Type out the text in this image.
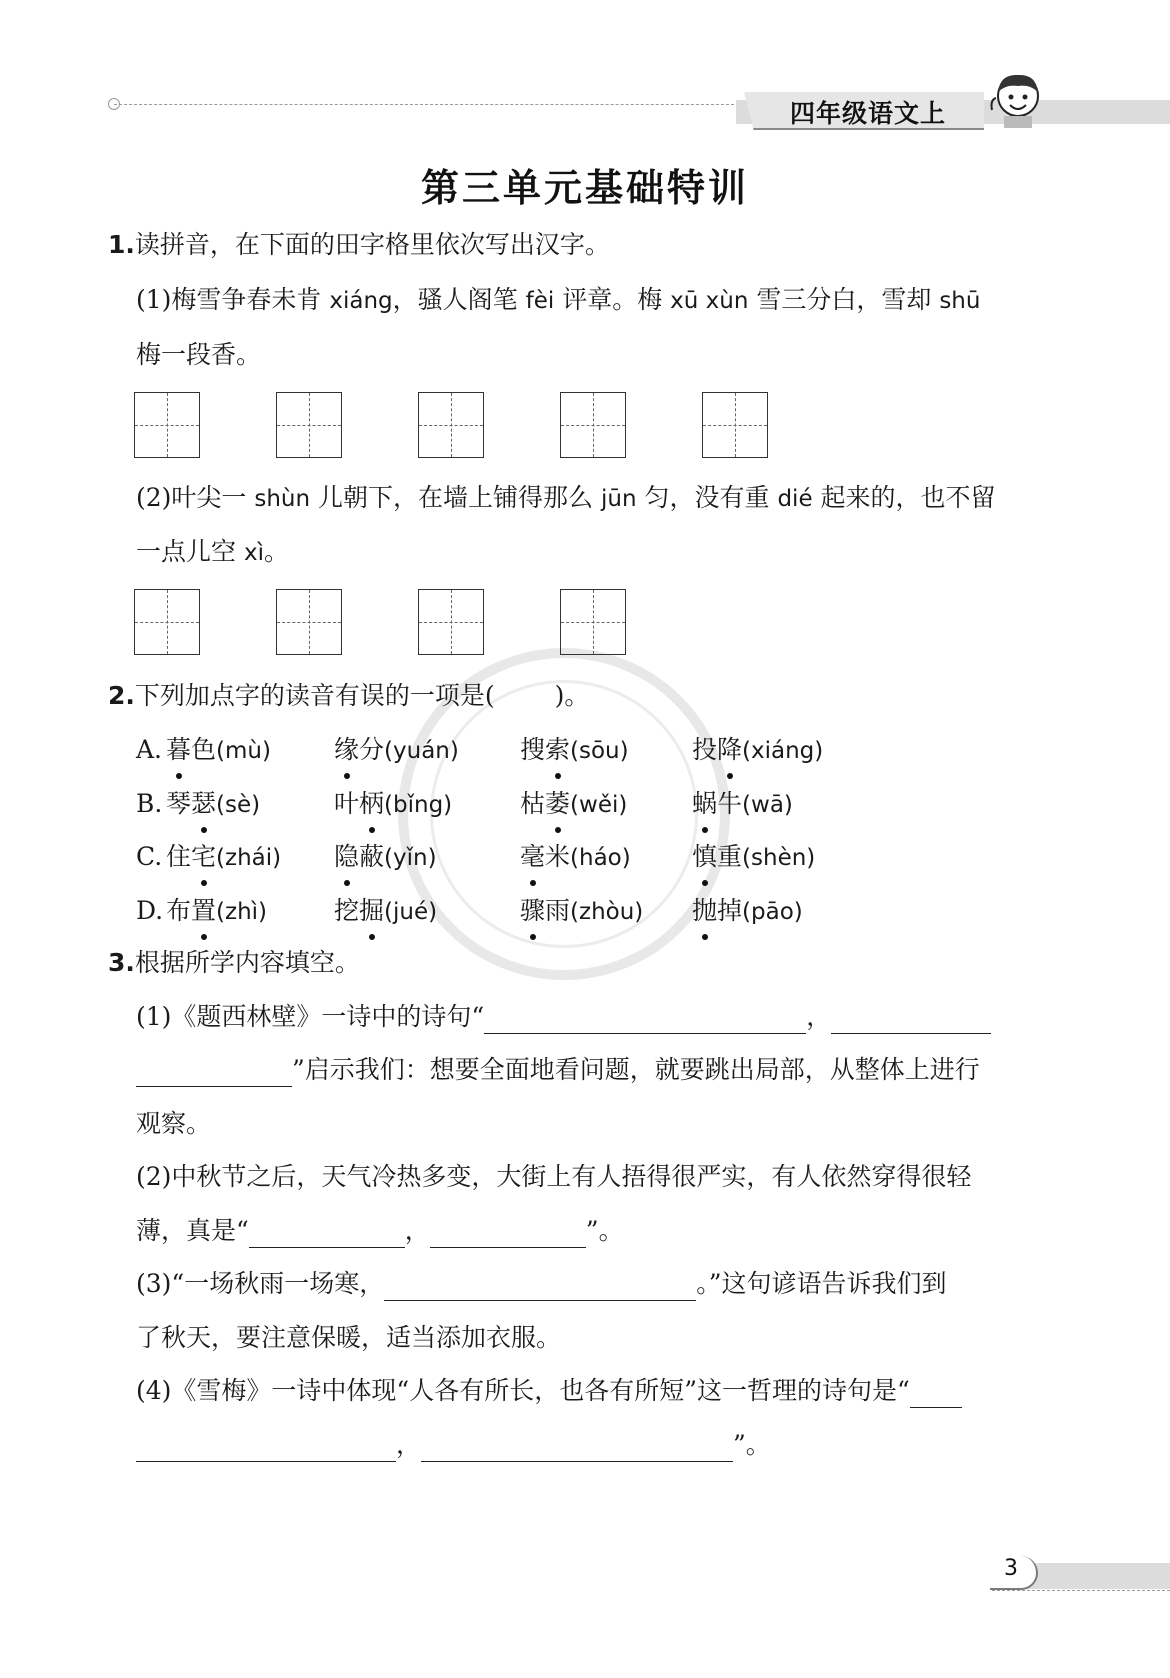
四年级语文上
第三单元基础特训
1.读拼音，在下面的田字格里依次写出汉字。
(1)梅雪争春未肯 xiáng，骚人阁笔 fèi 评章。梅 xū xùn 雪三分白，雪却 shū
梅一段香。
(2)叶尖一 shùn 儿朝下，在墙上铺得那么 jūn 匀，没有重 dié 起来的，也不留
一点儿空 xì。
2.下列加点字的读音有误的一项是( )。
A. 暮色(mù)	缘分(yuán) 搜索(sōu)	投降(xiáng)
B. 琴瑟(sè)	叶柄(bǐng)	枯萎(wěi)	蜗牛(wā)
C. 住宅(zhái) 隐蔽(yǐn)	毫米(háo) 慎重(shèn)
D. 布置(zhì)	挖掘(jué)	骤雨(zhòu) 抛掉(pāo)
3.根据所学内容填空。
(1)《题西林壁》一诗中的诗句“	，
”启示我们：想要全面地看问题，就要跳出局部，从整体上进行
观察。
(2)中秋节之后，天气冷热多变，大街上有人捂得很严实，有人依然穿得很轻
薄，真是“	，	”。
(3)“一场秋雨一场寒，	。”这句谚语告诉我们到
了秋天，要注意保暖，适当添加衣服。
(4)《雪梅》一诗中体现“人各有所长，也各有所短”这一哲理的诗句是“
，	”。
3
